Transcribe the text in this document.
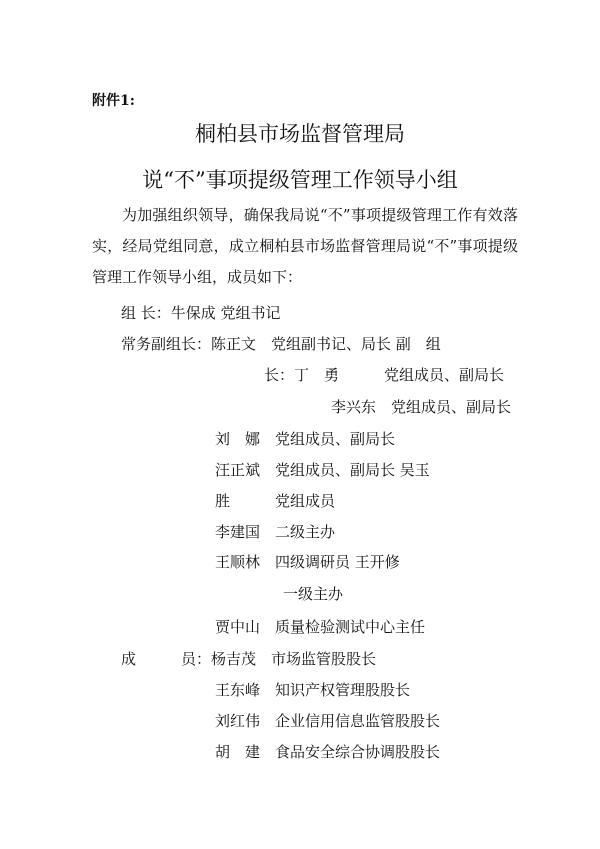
附件1:
桐柏县市场监督管理局
说“不”事项提级管理工作领导小组

为加强组织领导，确保我局说“不”事项提级管理工作有效落实，经局党组同意，成立桐柏县市场监督管理局说“不”事项提级管理工作领导小组，成员如下：

组 长：牛保成 党组书记
常务副组长：陈正文　党组副书记、局长 副　组
长：丁　勇　　　党组成员、副局长
李兴东　党组成员、副局长
刘　娜　党组成员、副局长
汪正斌　党组成员、副局长 吴玉
胜　　　党组成员
李建国　二级主办
王顺林　四级调研员 王开修
一级主办
贾中山　质量检验测试中心主任
成　　　员：杨吉茂　市场监管股股长
王东峰　知识产权管理股股长
刘红伟　企业信用信息监管股股长
胡　建　食品安全综合协调股股长
